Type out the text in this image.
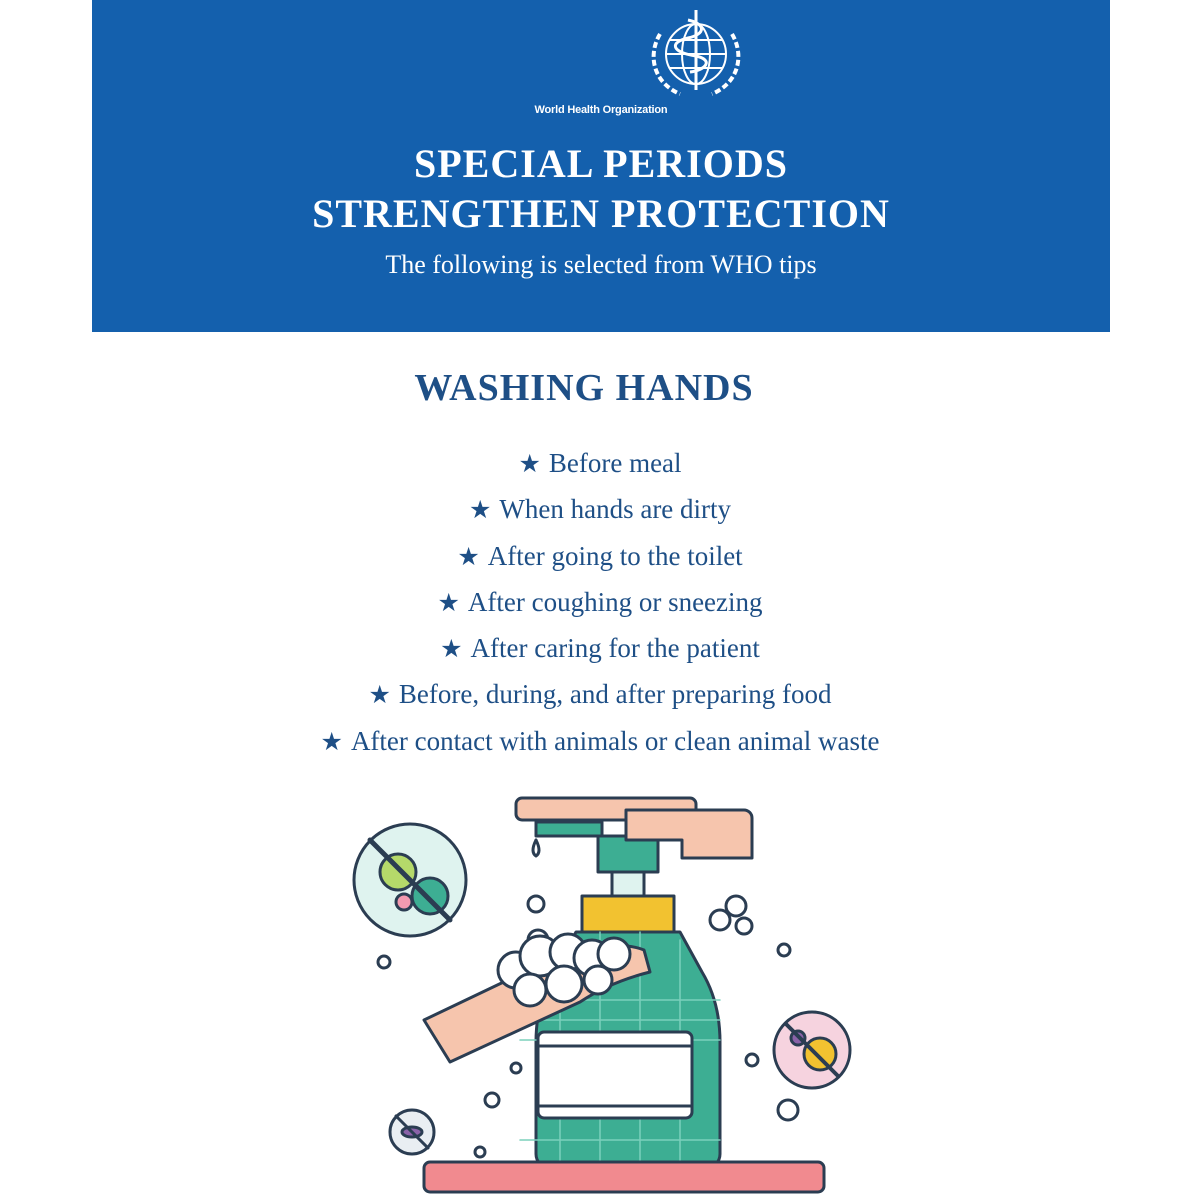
World Health Organization
SPECIAL PERIODS
STRENGTHEN PROTECTION
The following is selected from WHO tips
WASHING HANDS
★ Before meal
★ When hands are dirty
★ After going to the toilet
★ After coughing or sneezing
★ After caring for the patient
★ Before, during, and after preparing food
★ After contact with animals or clean animal waste
